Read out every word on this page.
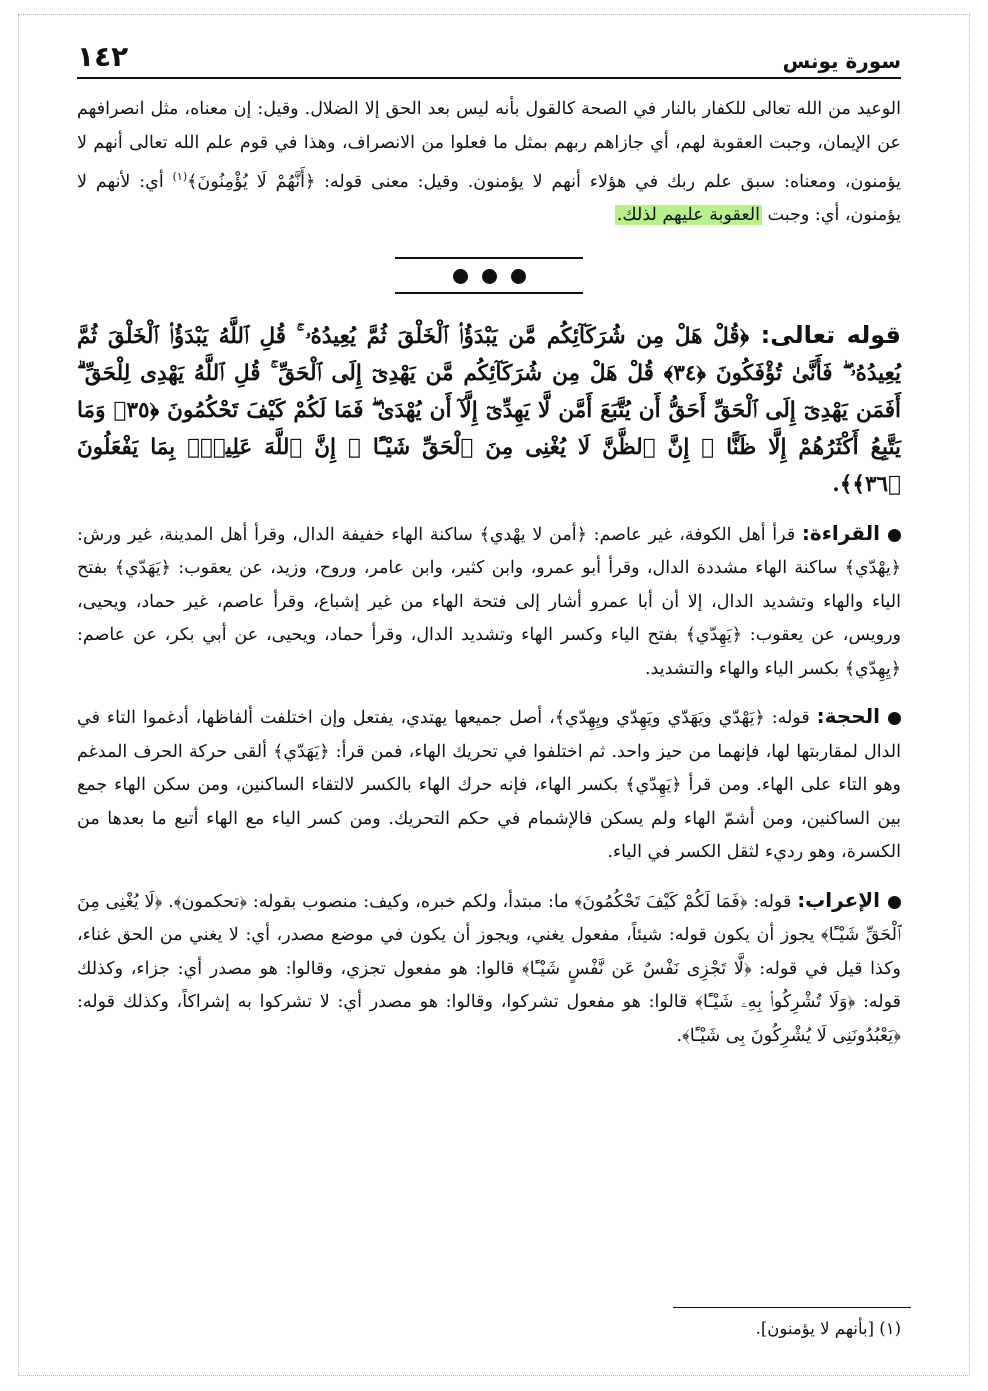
سورة يونس
١٤٢

الوعيد من الله تعالى للكفار بالنار في الصحة كالقول بأنه ليس بعد الحق إلا الضلال. وقيل: إن معناه، مثل انصرافهم عن الإيمان، وجبت العقوبة لهم، أي جازاهم ربهم بمثل ما فعلوا من الانصراف، وهذا في قوم علم الله تعالى أنهم لا يؤمنون، ومعناه: سبق علم ربك في هؤلاء أنهم لا يؤمنون. وقيل: معنى قوله: ﴿أَنَّهُمْ لَا يُؤْمِنُونَ﴾$^{(١)}$ أي: لأنهم لا يؤمنون، أي: وجبت العقوبة عليهم لذلك.

قوله تعالى: ﴿قُلْ هَلْ مِن شُرَكَآئِكُم مَّن يَبْدَؤُا۟ ٱلْخَلْقَ ثُمَّ يُعِيدُهُۥ ۚ قُلِ ٱللَّهُ يَبْدَؤُا۟ ٱلْخَلْقَ ثُمَّ يُعِيدُهُۥ ۖ فَأَنَّىٰ تُؤْفَكُونَ ﴿٣٤﴾ قُلْ هَلْ مِن شُرَكَآئِكُم مَّن يَهْدِىٓ إِلَى ٱلْحَقِّ ۚ قُلِ ٱللَّهُ يَهْدِى لِلْحَقِّ ۗ أَفَمَن يَهْدِىٓ إِلَى ٱلْحَقِّ أَحَقُّ أَن يُتَّبَعَ أَمَّن لَّا يَهِدِّىٓ إِلَّآ أَن يُهْدَىٰ ۖ فَمَا لَكُمْ كَيْفَ تَحْكُمُونَ ﴿٣٥﴾ وَمَا يَتَّبِعُ أَكْثَرُهُمْ إِلَّا ظَنًّا ۚ إِنَّ ٱلظَّنَّ لَا يُغْنِى مِنَ ٱلْحَقِّ شَيْـًٔا ۚ إِنَّ ٱللَّهَ عَلِيمٌۢ بِمَا يَفْعَلُونَ ﴿٣٦﴾﴾.

القراءة: قرأ أهل الكوفة، غير عاصم: ﴿أمن لا يهْدي﴾ ساكنة الهاء خفيفة الدال، وقرأ أهل المدينة، غير ورش: ﴿يهْدّي﴾ ساكنة الهاء مشددة الدال، وقرأ أبو عمرو، وابن كثير، وابن عامر، وروح، وزيد، عن يعقوب: ﴿يَهَدّي﴾ بفتح الياء والهاء وتشديد الدال، إلا أن أبا عمرو أشار إلى فتحة الهاء من غير إشباع، وقرأ عاصم، غير حماد، ويحيى، ورويس، عن يعقوب: ﴿يَهِدّي﴾ بفتح الياء وكسر الهاء وتشديد الدال، وقرأ حماد، ويحيى، عن أبي بكر، عن عاصم: ﴿يِهِدّي﴾ بكسر الياء والهاء والتشديد.

الحجة: قوله: ﴿يَهْدّي ويَهَدّي ويَهِدّي ويِهِدّي﴾، أصل جميعها يهتدي، يفتعل وإن اختلفت ألفاظها، أدغموا التاء في الدال لمقاربتها لها، فإنهما من حيز واحد. ثم اختلفوا في تحريك الهاء، فمن قرأ: ﴿يَهَدّي﴾ ألقى حركة الحرف المدغم وهو التاء على الهاء. ومن قرأ ﴿يَهِدّي﴾ بكسر الهاء، فإنه حرك الهاء بالكسر لالتقاء الساكنين، ومن سكن الهاء جمع بين الساكنين، ومن أشمّ الهاء ولم يسكن فالإشمام في حكم التحريك. ومن كسر الياء مع الهاء أتبع ما بعدها من الكسرة، وهو رديء لثقل الكسر في الياء.

الإعراب: قوله: ﴿فَمَا لَكُمْ كَيْفَ تَحْكُمُونَ﴾ ما: مبتدأ، ولكم خبره، وكيف: منصوب بقوله: ﴿تحكمون﴾. ﴿لَا يُغْنِى مِنَ ٱلْحَقِّ شَيْـًٔا﴾ يجوز أن يكون قوله: شيئاً، مفعول يغني، ويجوز أن يكون في موضع مصدر، أي: لا يغني من الحق غناء، وكذا قيل في قوله: ﴿لَّا تَجْزِى نَفْسٌ عَن نَّفْسٍ شَيْـًٔا﴾ قالوا: هو مفعول تجزي، وقالوا: هو مصدر أي: جزاء، وكذلك قوله: ﴿وَلَا تُشْرِكُوا۟ بِهِۦ شَيْـًٔا﴾ قالوا: هو مفعول تشركوا، وقالوا: هو مصدر أي: لا تشركوا به إشراكاً، وكذلك قوله: ﴿يَعْبُدُونَنِى لَا يُشْرِكُونَ بِى شَيْـًٔا﴾.

(١) [بأنهم لا يؤمنون].
